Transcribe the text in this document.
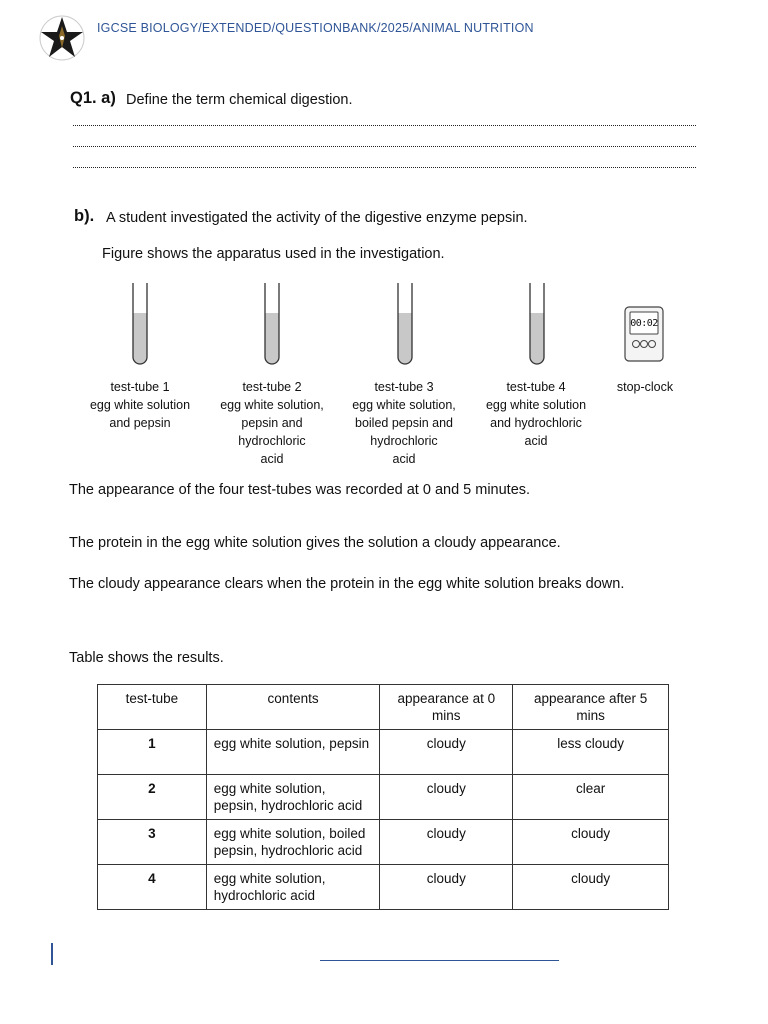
IGCSE BIOLOGY/EXTENDED/QUESTIONBANK/2025/ANIMAL NUTRITION
Q1. a) Define the term chemical digestion.
b). A student investigated the activity of the digestive enzyme pepsin.
Figure shows the apparatus used in the investigation.
00:02
test-tube 1
egg white solution
and pepsin
test-tube 2
egg white solution,
pepsin and
hydrochloric
acid
test-tube 3
egg white solution,
boiled pepsin and
hydrochloric
acid
test-tube 4
egg white solution
and hydrochloric
acid
stop-clock
The appearance of the four test-tubes was recorded at 0 and 5 minutes.
The protein in the egg white solution gives the solution a cloudy appearance.
The cloudy appearance clears when the protein in the egg white solution breaks down.
Table shows the results.
test-tube	contents	appearance at 0 mins	appearance after 5 mins
1	egg white solution, pepsin	cloudy	less cloudy
2	egg white solution, pepsin, hydrochloric acid	cloudy	clear
3	egg white solution, boiled pepsin, hydrochloric acid	cloudy	cloudy
4	egg white solution, hydrochloric acid	cloudy	cloudy
